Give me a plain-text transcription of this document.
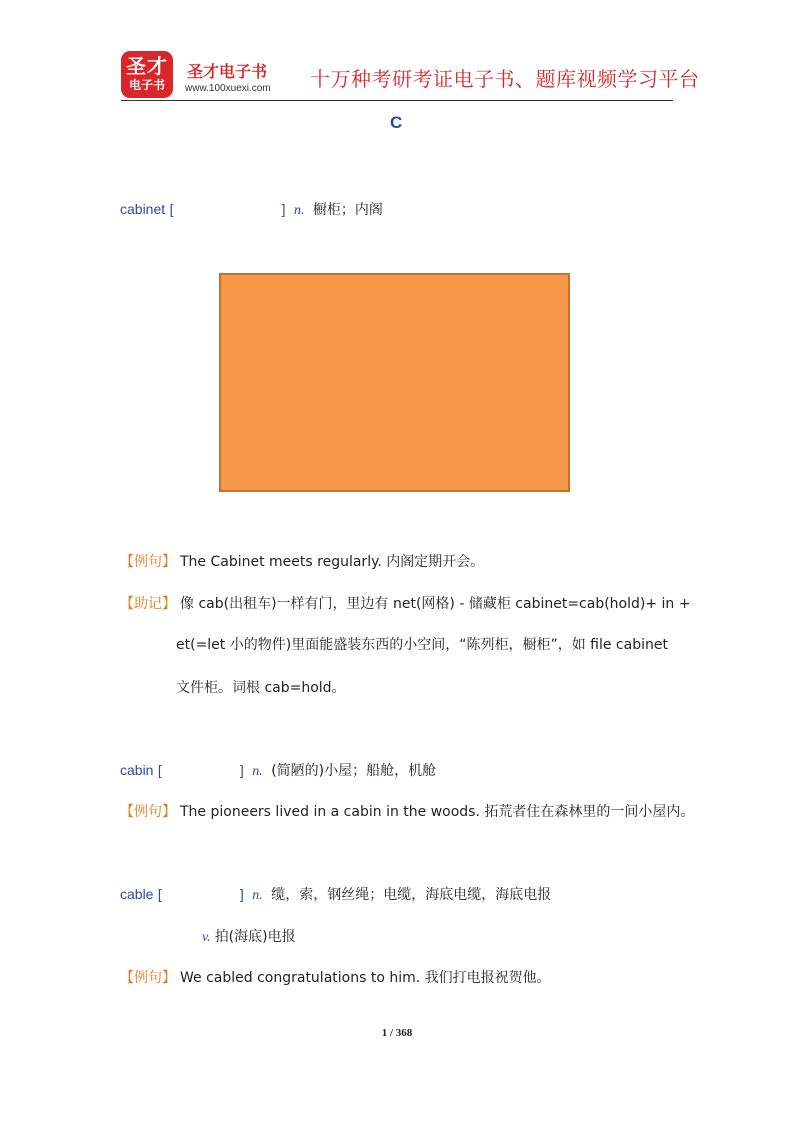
圣才
电子书
圣才电子书
www.100xuexi.com 十万种考研考证电子书、题库视频学习平台
C
cabinet [	] n. 橱柜；内阁
【例句】 The Cabinet meets regularly. 内阁定期开会。
【助记】 像 cab(出租车)一样有门，里边有 net(网格) - 储藏柜 cabinet=cab(hold)+ in +
et(=let 小的物件)里面能盛装东西的小空间，“陈列柜，橱柜”，如 file cabinet
文件柜。词根 cab=hold。
cabin [	] n. (简陋的)小屋；船舱，机舱
【例句】 The pioneers lived in a cabin in the woods. 拓荒者住在森林里的一间小屋内。
cable [	] n. 缆，索，钢丝绳；电缆，海底电缆，海底电报
v. 拍(海底)电报
【例句】 We cabled congratulations to him. 我们打电报祝贺他。
1 / 368
